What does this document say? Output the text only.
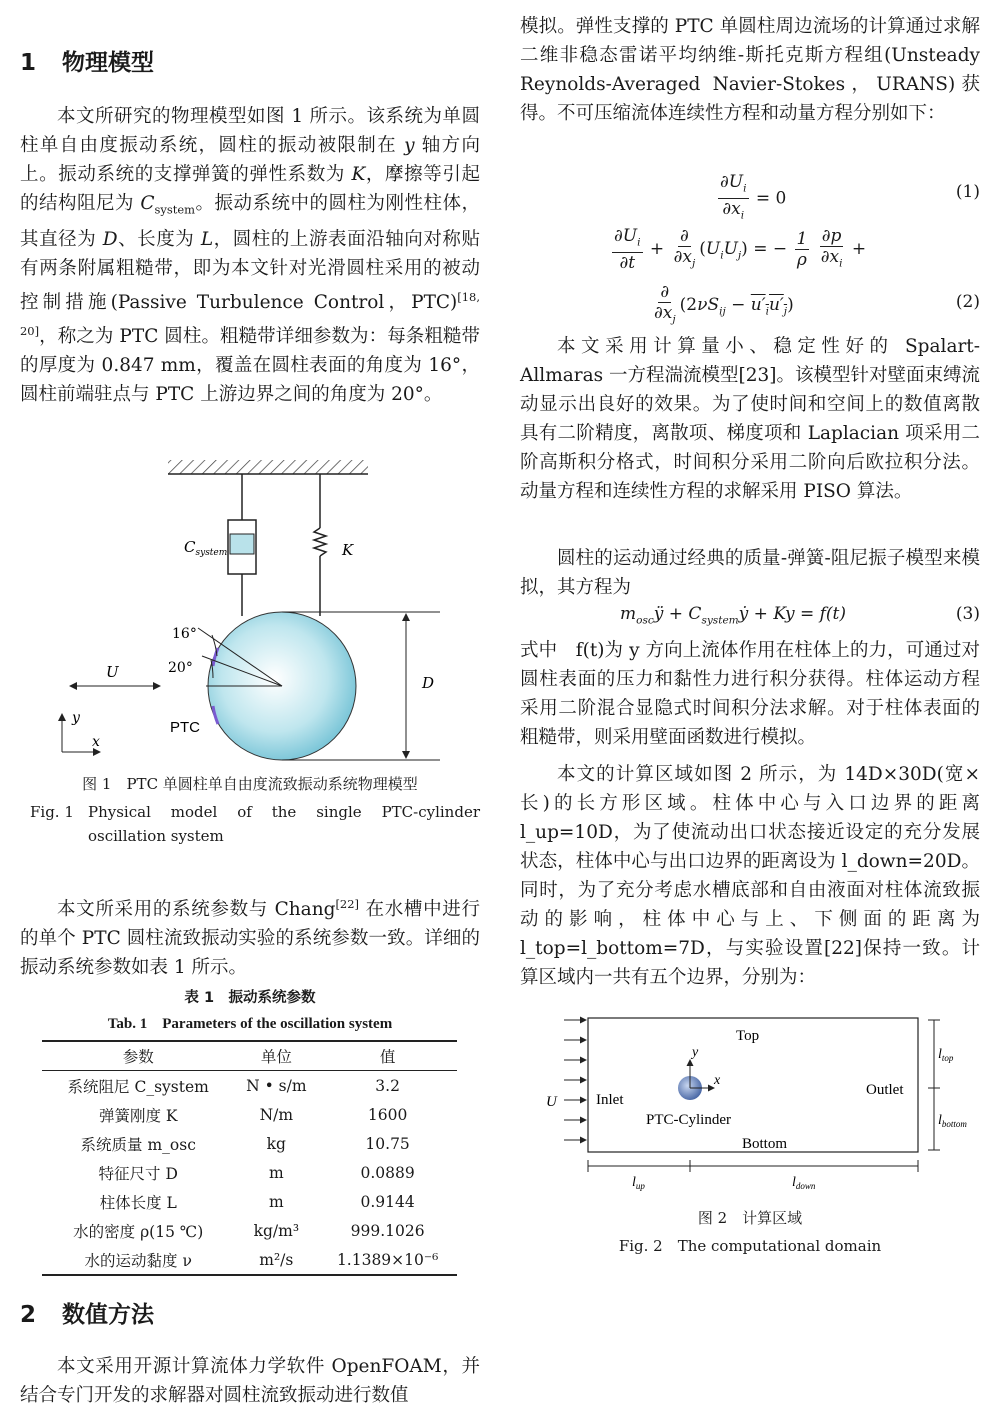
1 物理模型

本文所研究的物理模型如图 1 所示。该系统为单圆柱单自由度振动系统，圆柱的振动被限制在 y 轴方向上。振动系统的支撑弹簧的弹性系数为 K，摩擦等引起的结构阻尼为 $C_{system}$。振动系统中的圆柱为刚性柱体，其直径为 D、长度为 L，圆柱的上游表面沿轴向对称贴有两条附属粗糙带，即为本文针对光滑圆柱采用的被动控制措施(Passive Turbulence Control，PTC)[18, 20]，称之为 PTC 圆柱。粗糙带详细参数为：每条粗糙带的厚度为 0.847 mm，覆盖在圆柱表面的角度为 16°，圆柱前端驻点与 PTC 上游边界之间的角度为 20°。

$C_{system}$	K
16°
20°
U
D
PTC
y
x
图 1　PTC 单圆柱单自由度流致振动系统物理模型
Fig. 1 Physical model of the single PTC-cylinder oscillation system

本文所采用的系统参数与 Chang[22] 在水槽中进行的单个 PTC 圆柱流致振动实验的系统参数一致。详细的振动系统参数如表 1 所示。

表 1　振动系统参数
Tab. 1　Parameters of the oscillation system
参数	单位	值
系统阻尼 C_system	N • s/m	3.2
弹簧刚度 K	N/m	1600
系统质量 m_osc	kg	10.75
特征尺寸 D	m	0.0889
柱体长度 L	m	0.9144
水的密度 ρ(15 ℃)	kg/m³	999.1026
水的运动黏度 ν	m²/s	1.1389×10⁻⁶
2 数值方法

本文采用开源计算流体力学软件 OpenFOAM，并结合专门开发的求解器对圆柱流致振动进行数值

模拟。弹性支撑的 PTC 单圆柱周边流场的计算通过求解二维非稳态雷诺平均纳维-斯托克斯方程组(Unsteady Reynolds-Averaged Navier-Stokes，URANS)获得。不可压缩流体连续性方程和动量方程分别如下：

$\frac{\partial U_i}{\partial x_i} = 0$	(1)
$\frac{\partial U_i}{\partial t} + \frac{\partial}{\partial x_j} (U_iU_j)$ = − $\frac{1}{\rho}$
$\frac{\partial p}{\partial x_i}$ +
$\frac{\partial}{\partial x_j} (2\nu S_{ij} - u'_iu'_j)$	(2)

本文采用计算量小、稳定性好的 Spalart-Allmaras 一方程湍流模型[23]。该模型针对壁面束缚流动显示出良好的效果。为了使时间和空间上的数值离散具有二阶精度，离散项、梯度项和 Laplacian 项采用二阶高斯积分格式，时间积分采用二阶向后欧拉积分法。动量方程和连续性方程的求解采用 PISO 算法。

圆柱的运动通过经典的质量-弹簧-阻尼振子模型来模拟，其方程为

$m_{osc}ÿ$ + $C_{system}ẏ + Ky = f(t)$	(3)

式中　f(t)为 y 方向上流体作用在柱体上的力，可通过对圆柱表面的压力和黏性力进行积分获得。柱体运动方程采用二阶混合显隐式时间积分法求解。对于柱体表面的粗糙带，则采用壁面函数进行模拟。

本文的计算区域如图 2 所示，为 14D×30D(宽×长)的长方形区域。柱体中心与入口边界的距离 l_up=10D，为了使流动出口状态接近设定的充分发展状态，柱体中心与出口边界的距离设为 l_down=20D。同时，为了充分考虑水槽底部和自由液面对柱体流致振动的影响，柱体中心与上、下侧面的距离为 l_top=l_bottom=7D，与实验设置[22]保持一致。计算区域内一共有五个边界，分别为：

Top
Bottom
Inlet
Outlet
PTC-Cylinder
U
y
x
$l_{top}$
$l_{bottom}$
$l_{up}$	$l_{down}$
图 2　计算区域
Fig. 2　The computational domain
